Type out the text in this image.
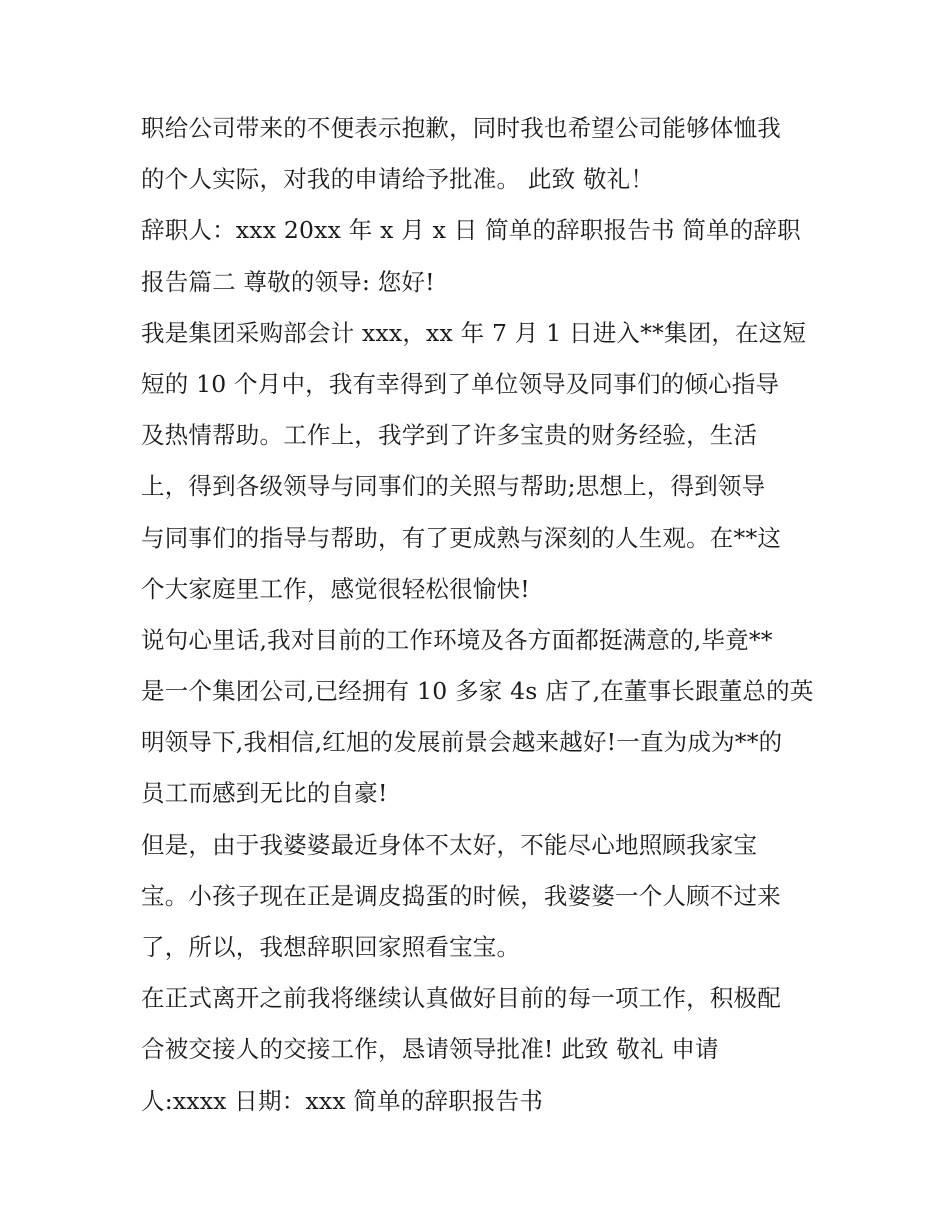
职给公司带来的不便表示抱歉，同时我也希望公司能够体恤我
的个人实际，对我的申请给予批准。 此致 敬礼！
辞职人：xxx 20xx 年 x 月 x 日 简单的辞职报告书 简单的辞职
报告篇二 尊敬的领导: 您好!
我是集团采购部会计 xxx，xx 年 7 月 1 日进入**集团，在这短
短的 10 个月中，我有幸得到了单位领导及同事们的倾心指导
及热情帮助。工作上，我学到了许多宝贵的财务经验，生活
上，得到各级领导与同事们的关照与帮助;思想上，得到领导
与同事们的指导与帮助，有了更成熟与深刻的人生观。在**这
个大家庭里工作，感觉很轻松很愉快!
说句心里话,我对目前的工作环境及各方面都挺满意的,毕竟**
是一个集团公司,已经拥有 10 多家 4s 店了,在董事长跟董总的英
明领导下,我相信,红旭的发展前景会越来越好!一直为成为**的
员工而感到无比的自豪!
但是，由于我婆婆最近身体不太好，不能尽心地照顾我家宝
宝。小孩子现在正是调皮捣蛋的时候，我婆婆一个人顾不过来
了，所以，我想辞职回家照看宝宝。
在正式离开之前我将继续认真做好目前的每一项工作，积极配
合被交接人的交接工作，恳请领导批准! 此致 敬礼 申请
人:xxxx 日期：xxx 简单的辞职报告书
